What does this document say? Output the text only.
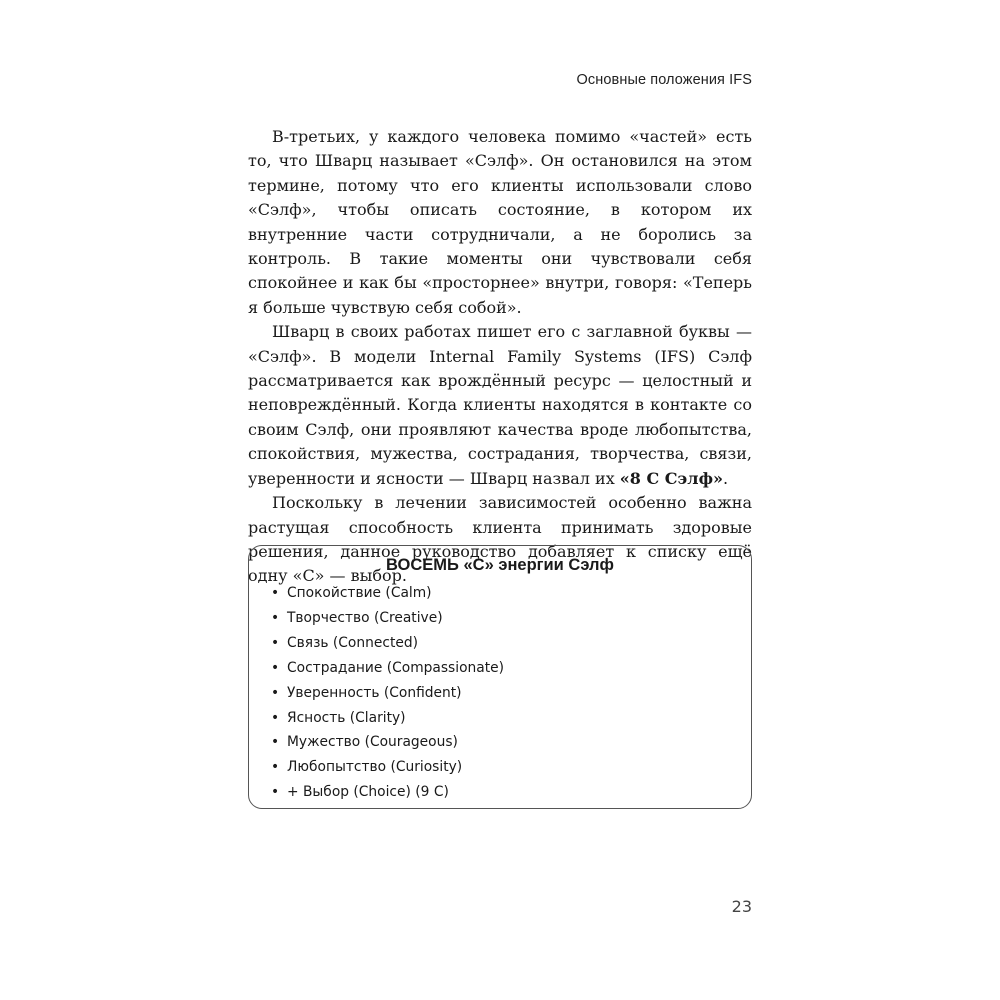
Основные положения IFS

В-третьих, у каждого человека помимо «частей» есть то, что Шварц называет «Сэлф». Он остановился на этом термине, потому что его клиенты использовали слово «Сэлф», чтобы описать состояние, в котором их внутренние части сотрудничали, а не боролись за контроль. В такие моменты они чувствовали себя спокойнее и как бы «просторнее» внутри, говоря: «Теперь я больше чувствую себя собой».

Шварц в своих работах пишет его с заглавной буквы — «Сэлф». В модели Internal Family Systems (IFS) Сэлф рассматривается как врождённый ресурс — целостный и неповреждённый. Когда клиенты находятся в контакте со своим Сэлф, они проявляют качества вроде любопытства, спокойствия, мужества, сострадания, творчества, связи, уверенности и ясности — Шварц назвал их «8 С Сэлф».

Поскольку в лечении зависимостей особенно важна растущая способность клиента принимать здоровые решения, данное руководство добавляет к списку ещё одну «С» — выбор.

ВОСЕМЬ «С» энергии Сэлф
• Спокойствие (Calm)
• Творчество (Creative)
• Связь (Connected)
• Сострадание (Compassionate)
• Уверенность (Confident)
• Ясность (Clarity)
• Мужество (Courageous)
• Любопытство (Curiosity)
• + Выбор (Choice) (9 С)
23
